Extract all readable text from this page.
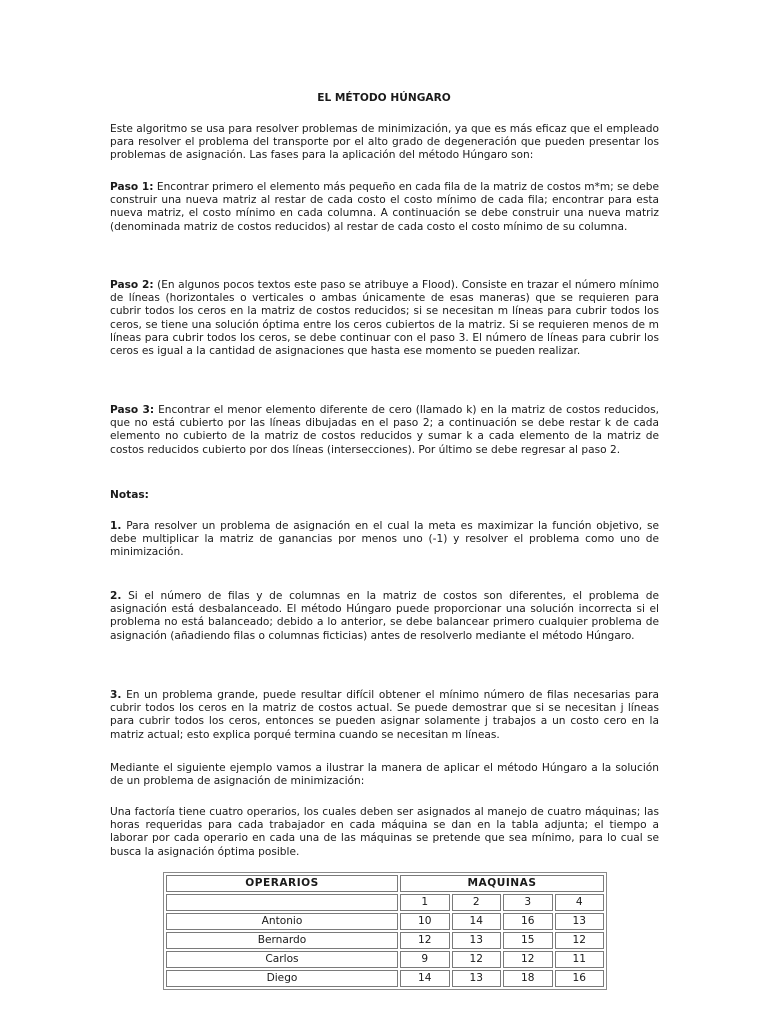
EL MÉTODO HÚNGARO

Este algoritmo se usa para resolver problemas de minimización, ya que es más eficaz que el empleado para resolver el problema del transporte por el alto grado de degeneración que pueden presentar los problemas de asignación. Las fases para la aplicación del método Húngaro son:

Paso 1: Encontrar primero el elemento más pequeño en cada fila de la matriz de costos m*m; se debe construir una nueva matriz al restar de cada costo el costo mínimo de cada fila; encontrar para esta nueva matriz, el costo mínimo en cada columna. A continuación se debe construir una nueva matriz (denominada matriz de costos reducidos) al restar de cada costo el costo mínimo de su columna.

Paso 2: (En algunos pocos textos este paso se atribuye a Flood). Consiste en trazar el número mínimo de líneas (horizontales o verticales o ambas únicamente de esas maneras) que se requieren para cubrir todos los ceros en la matriz de costos reducidos; si se necesitan m líneas para cubrir todos los ceros, se tiene una solución óptima entre los ceros cubiertos de la matriz. Si se requieren menos de m líneas para cubrir todos los ceros, se debe continuar con el paso 3. El número de líneas para cubrir los ceros es igual a la cantidad de asignaciones que hasta ese momento se pueden realizar.

Paso 3: Encontrar el menor elemento diferente de cero (llamado k) en la matriz de costos reducidos, que no está cubierto por las líneas dibujadas en el paso 2; a continuación se debe restar k de cada elemento no cubierto de la matriz de costos reducidos y sumar k a cada elemento de la matriz de costos reducidos cubierto por dos líneas (intersecciones). Por último se debe regresar al paso 2.

Notas:

1. Para resolver un problema de asignación en el cual la meta es maximizar la función objetivo, se debe multiplicar la matriz de ganancias por menos uno (-1) y resolver el problema como uno de minimización.

2. Si el número de filas y de columnas en la matriz de costos son diferentes, el problema de asignación está desbalanceado. El método Húngaro puede proporcionar una solución incorrecta si el problema no está balanceado; debido a lo anterior, se debe balancear primero cualquier problema de asignación (añadiendo filas o columnas ficticias) antes de resolverlo mediante el método Húngaro.

3. En un problema grande, puede resultar difícil obtener el mínimo número de filas necesarias para cubrir todos los ceros en la matriz de costos actual. Se puede demostrar que si se necesitan j líneas para cubrir todos los ceros, entonces se pueden asignar solamente j trabajos a un costo cero en la matriz actual; esto explica porqué termina cuando se necesitan m líneas.

Mediante el siguiente ejemplo vamos a ilustrar la manera de aplicar el método Húngaro a la solución de un problema de asignación de minimización:

Una factoría tiene cuatro operarios, los cuales deben ser asignados al manejo de cuatro máquinas; las horas requeridas para cada trabajador en cada máquina se dan en la tabla adjunta; el tiempo a laborar por cada operario en cada una de las máquinas se pretende que sea mínimo, para lo cual se busca la asignación óptima posible.

OPERARIOS	MAQUINAS			
	1	2	3	4
Antonio	10	14	16	13
Bernardo	12	13	15	12
Carlos	9	12	12	11
Diego	14	13	18	16
